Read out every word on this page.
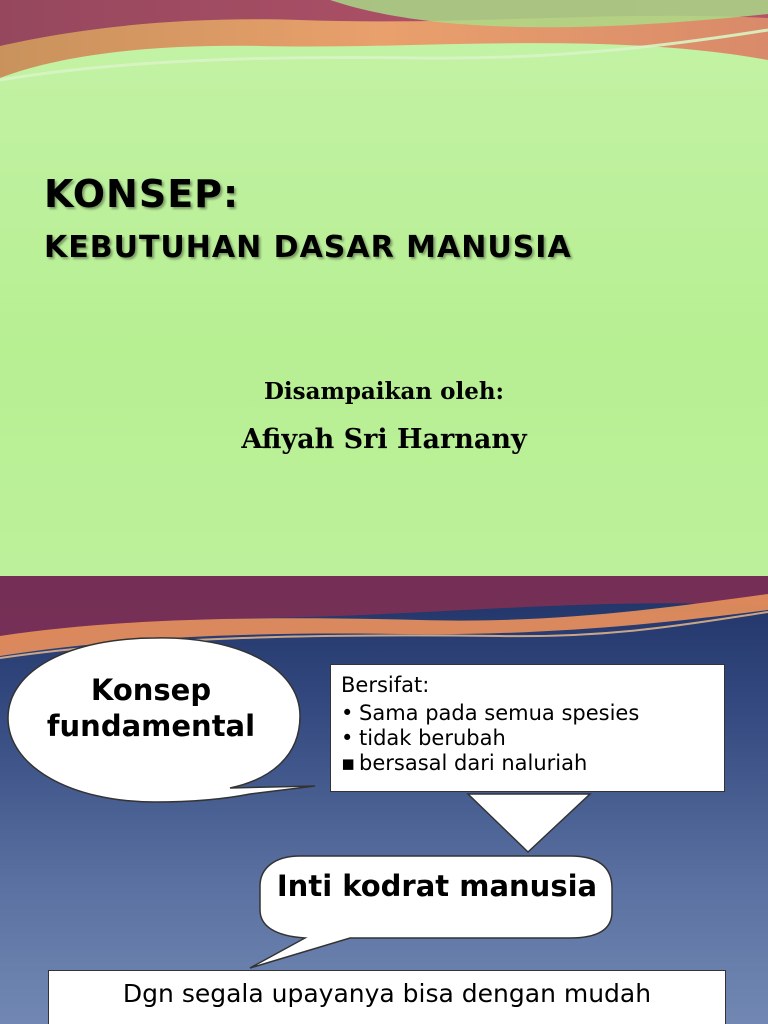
KONSEP:
KEBUTUHAN DASAR MANUSIA
Disampaikan oleh:
Afiyah Sri Harnany
Konsep fundamental
Bersifat:
• Sama pada semua spesies
• tidak berubah
▪ bersasal dari naluriah
Inti kodrat manusia
Dgn segala upayanya bisa dengan mudah
